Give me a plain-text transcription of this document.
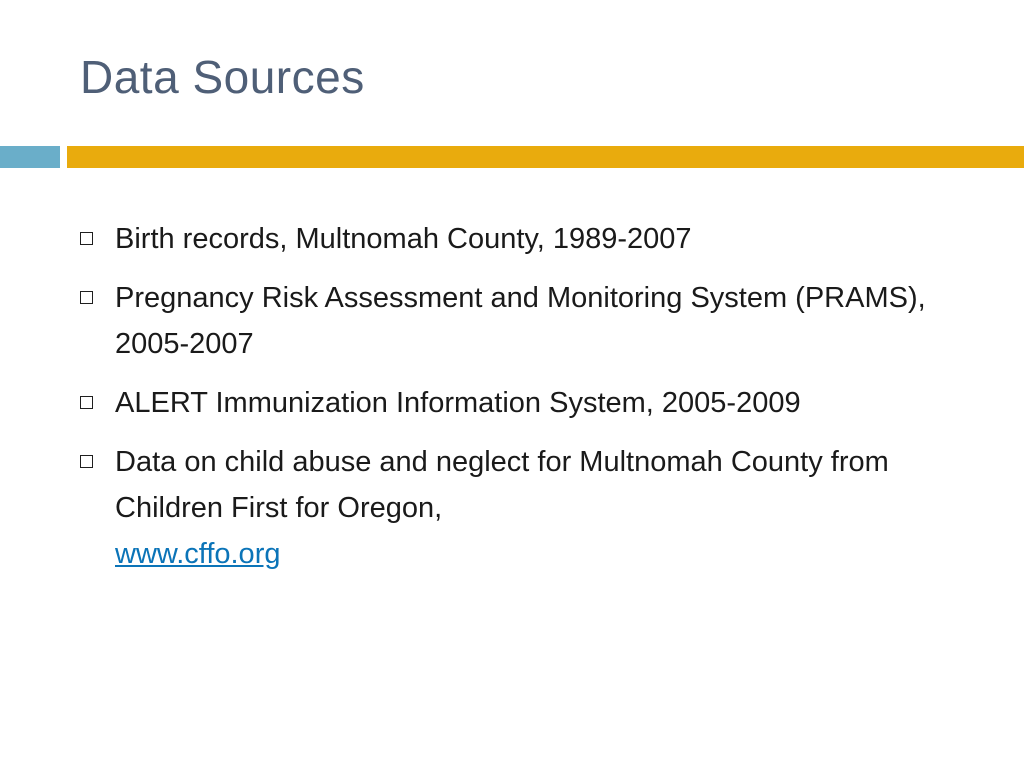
Data Sources
Birth records, Multnomah County, 1989-2007
Pregnancy Risk Assessment and Monitoring System (PRAMS), 2005-2007
ALERT Immunization Information System, 2005-2009
Data on child abuse and neglect for Multnomah County from Children First for Oregon,
www.cffo.org
